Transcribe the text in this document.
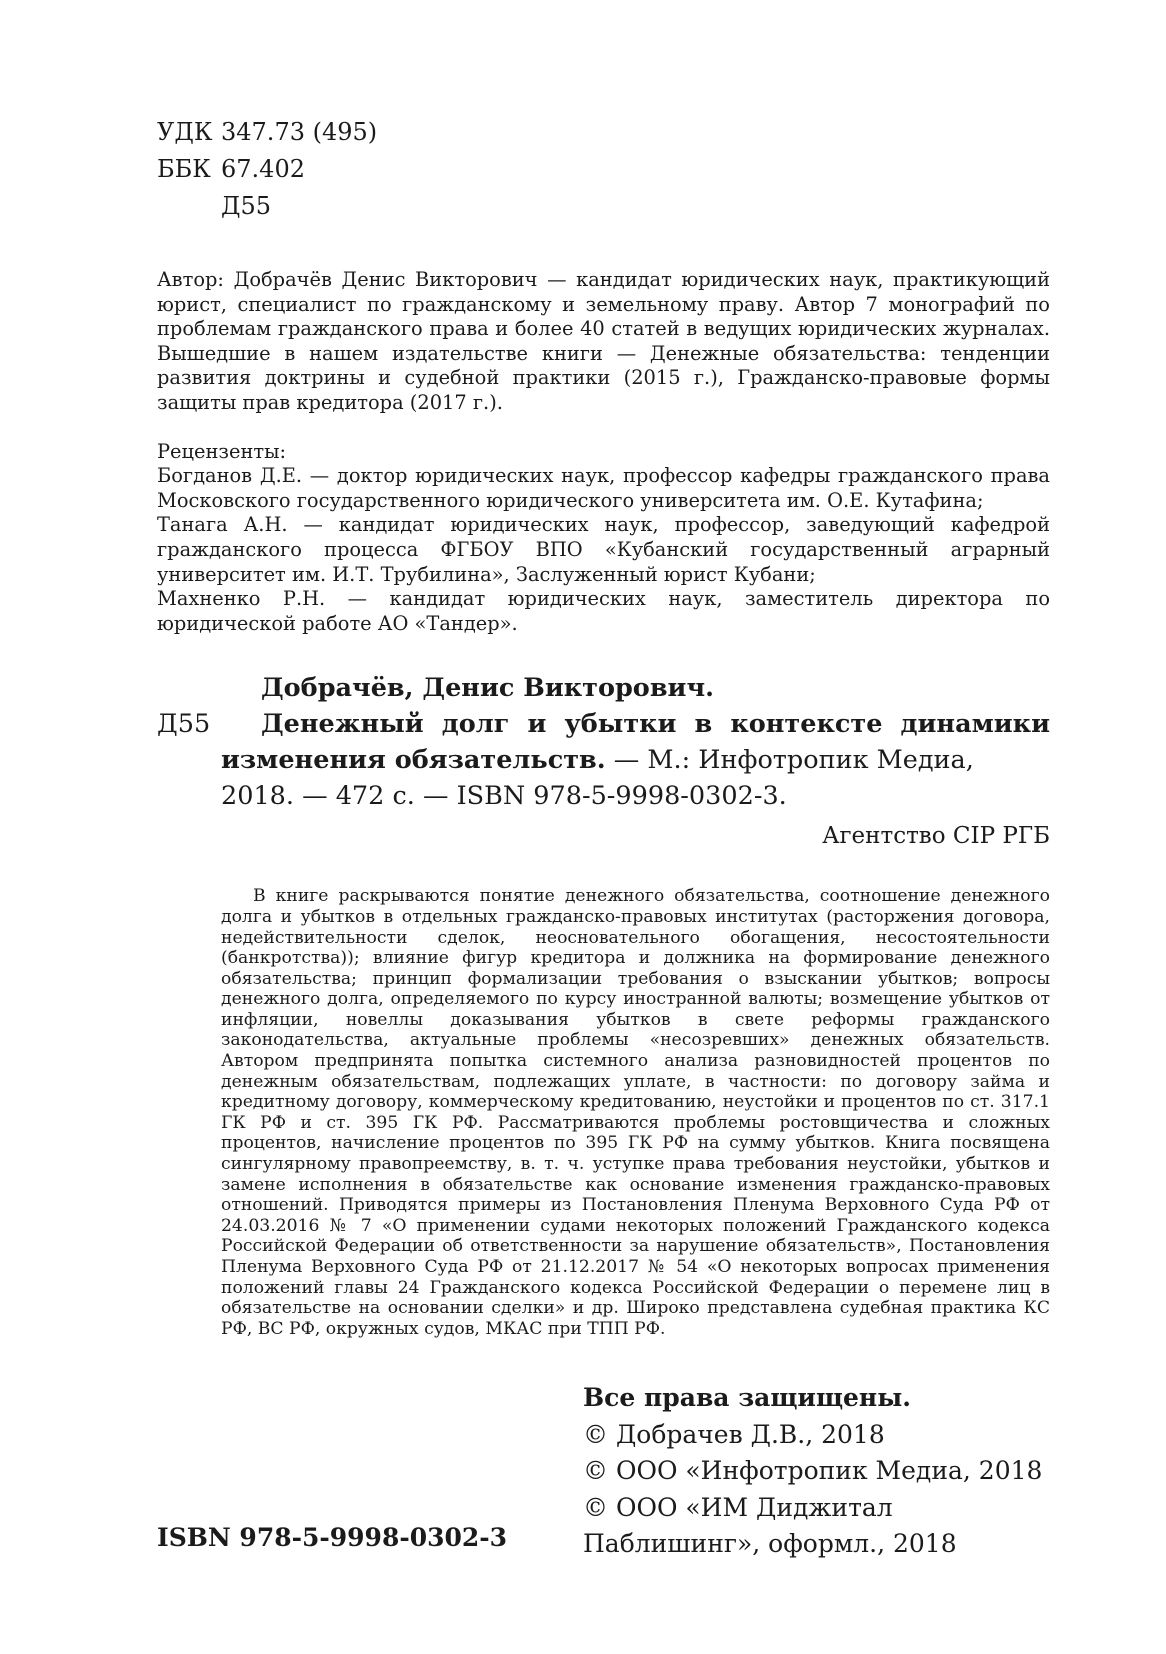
УДК 347.73 (495)
ББК 67.402
Д55

Автор: Добрачёв Денис Викторович — кандидат юридических наук, практикующий юрист, специалист по гражданскому и земельному праву. Автор 7 монографий по проблемам гражданского права и более 40 статей в ведущих юридических журналах. Вышедшие в нашем издательстве книги — Денежные обязательства: тенденции развития доктрины и судебной практики (2015 г.), Гражданско-правовые формы защиты прав кредитора (2017 г.).

Рецензенты:

Богданов Д.Е. — доктор юридических наук, профессор кафедры гражданского права Московского государственного юридического университета им. О.Е. Кутафина;

Танага А.Н. — кандидат юридических наук, профессор, заведующий кафедрой гражданского процесса ФГБОУ ВПО «Кубанский государственный аграрный университет им. И.Т. Трубилина», Заслуженный юрист Кубани;

Махненко Р.Н. — кандидат юридических наук, заместитель директора по юридической работе АО «Тандер».

Добрачёв, Денис Викторович.
Д55	Денежный долг и убытки в контексте динамики
изменения обязательств. — М.: Инфотропик Медиа,
2018. — 472 с. — ISBN 978-5-9998-0302-3.
Агентство CIP РГБ
В книге раскрываются понятие денежного обязательства, соотношение денежного долга и убытков в отдельных гражданско-правовых институтах (расторжения договора, недействительности сделок, неосновательного обогащения, несостоятельности (банкротства)); влияние фигур кредитора и должника на формирование денежного обязательства; принцип формализации требования о взыскании убытков; вопросы денежного долга, определяемого по курсу иностранной валюты; возмещение убытков от инфляции, новеллы доказывания убытков в свете реформы гражданского законодательства, актуальные проблемы «несозревших» денежных обязательств. Автором предпринята попытка системного анализа разновидностей процентов по денежным обязательствам, подлежащих уплате, в частности: по договору займа и кредитному договору, коммерческому кредитованию, неустойки и процентов по ст. 317.1 ГК РФ и ст. 395 ГК РФ. Рассматриваются проблемы ростовщичества и сложных процентов, начисление процентов по 395 ГК РФ на сумму убытков. Книга посвящена сингулярному правопреемству, в. т. ч. уступке права требования неустойки, убытков и замене исполнения в обязательстве как основание изменения гражданско-правовых отношений. Приводятся примеры из Постановления Пленума Верховного Суда РФ от 24.03.2016 № 7 «О применении судами некоторых положений Гражданского кодекса Российской Федерации об ответственности за нарушение обязательств», Постановления Пленума Верховного Суда РФ от 21.12.2017 № 54 «О некоторых вопросах применения положений главы 24 Гражданского кодекса Российской Федерации о перемене лиц в обязательстве на основании сделки» и др. Широко представлена судебная практика КС РФ, ВС РФ, окружных судов, МКАС при ТПП РФ.
Все права защищены.
© Добрачев Д.В., 2018
© ООО «Инфотропик Медиа, 2018
© ООО «ИМ Диджитал
Паблишинг», оформл., 2018
ISBN 978-5-9998-0302-3
